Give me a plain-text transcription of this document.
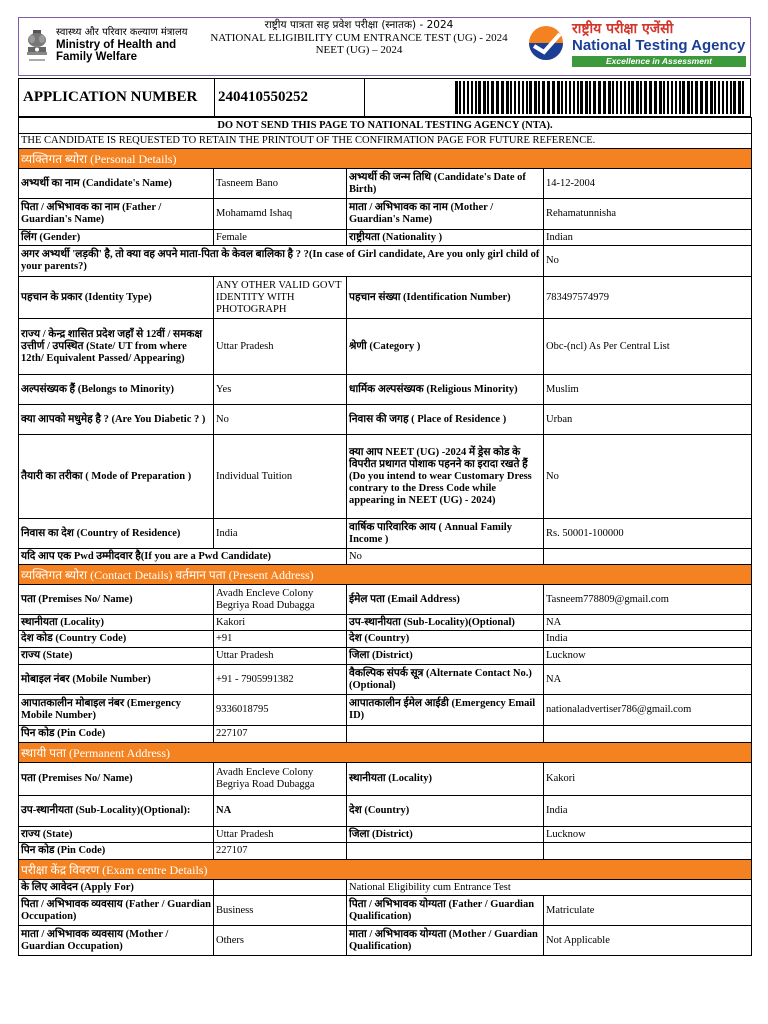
स्वास्थ्य और परिवार कल्याण मंत्रालय
Ministry of Health and
Family Welfare
राष्ट्रीय पात्रता सह प्रवेश परीक्षा (स्नातक) - 2024
NATIONAL ELIGIBILITY CUM ENTRANCE TEST (UG) - 2024
NEET (UG) – 2024
राष्ट्रीय परीक्षा एजेंसी
National Testing Agency
Excellence in Assessment
APPLICATION NUMBER	240410550252
DO NOT SEND THIS PAGE TO NATIONAL TESTING AGENCY (NTA).			
THE CANDIDATE IS REQUESTED TO RETAIN THE PRINTOUT OF THE CONFIRMATION PAGE FOR FUTURE REFERENCE.			
व्यक्तिगत ब्योरा (Personal Details)			
अभ्यर्थी का नाम (Candidate's Name)	Tasneem Bano	अभ्यर्थी की जन्म तिथि (Candidate's Date of Birth)	14-12-2004
पिता / अभिभावक का नाम (Father / Guardian's Name)	Mohamamd Ishaq	माता / अभिभावक का नाम (Mother / Guardian's Name)	Rehamatunnisha
लिंग (Gender)	Female	राष्ट्रीयता (Nationality )	Indian
अगर अभ्यर्थी 'लड़की' है, तो क्या वह अपने माता-पिता के केवल बालिका है ? ?(In case of Girl candidate, Are you only girl child of your parents?)			No
पहचान के प्रकार (Identity Type)	ANY OTHER VALID GOVT IDENTITY WITH PHOTOGRAPH	पहचान संख्या (Identification Number)	783497574979
राज्य / केन्द्र शासित प्रदेश जहाँ से 12वीं / समकक्ष उत्तीर्ण / उपस्थित (State/ UT from where 12th/ Equivalent Passed/ Appearing)	Uttar Pradesh	श्रेणी (Category )	Obc-(ncl) As Per Central List
अल्पसंख्यक हैं (Belongs to Minority)	Yes	धार्मिक अल्पसंख्यक (Religious Minority)	Muslim
क्या आपको मधुमेह है ? (Are You Diabetic ? )	No	निवास की जगह ( Place of Residence )	Urban
तैयारी का तरीका ( Mode of Preparation )	Individual Tuition	क्या आप NEET (UG) -2024 में ड्रेस कोड के विपरीत प्रथागत पोशाक पहनने का इरादा रखते हैं (Do you intend to wear Customary Dress contrary to the Dress Code while appearing in NEET (UG) - 2024)	No
निवास का देश (Country of Residence)	India	वार्षिक पारिवारिक आय ( Annual Family Income )	Rs. 50001-100000
यदि आप एक Pwd उम्मीदवार है(If you are a Pwd Candidate)		No	
व्यक्तिगत ब्योरा (Contact Details) वर्तमान पता (Present Address)			
पता (Premises No/ Name)	Avadh Encleve Colony Begriya Road Dubagga	ईमेल पता (Email Address)	Tasneem778809@gmail.com
स्थानीयता (Locality)	Kakori	उप-स्थानीयता (Sub-Locality)(Optional)	NA
देश कोड (Country Code)	+91	देश (Country)	India
राज्य (State)	Uttar Pradesh	जिला (District)	Lucknow
मोबाइल नंबर (Mobile Number)	+91 - 7905991382	वैकल्पिक संपर्क सूत्र (Alternate Contact No.) (Optional)	NA
आपातकालीन मोबाइल नंबर (Emergency Mobile Number)	9336018795	आपातकालीन ईमेल आईडी (Emergency Email ID)	nationaladvertiser786@gmail.com
पिन कोड (Pin Code)	227107		
स्थायी पता (Permanent Address)			
पता (Premises No/ Name)	Avadh Encleve Colony Begriya Road Dubagga	स्थानीयता (Locality)	Kakori
उप-स्थानीयता (Sub-Locality)(Optional):	NA	देश (Country)	India
राज्य (State)	Uttar Pradesh	जिला (District)	Lucknow
पिन कोड (Pin Code)	227107		
परीक्षा केंद्र विवरण (Exam centre Details)			
के लिए आवेदन (Apply For)		National Eligibility cum Entrance Test	
पिता / अभिभावक व्यवसाय (Father / Guardian Occupation)	Business	पिता / अभिभावक योग्यता (Father / Guardian Qualification)	Matriculate
माता / अभिभावक व्यवसाय (Mother / Guardian Occupation)	Others	माता / अभिभावक योग्यता (Mother / Guardian Qualification)	Not Applicable
